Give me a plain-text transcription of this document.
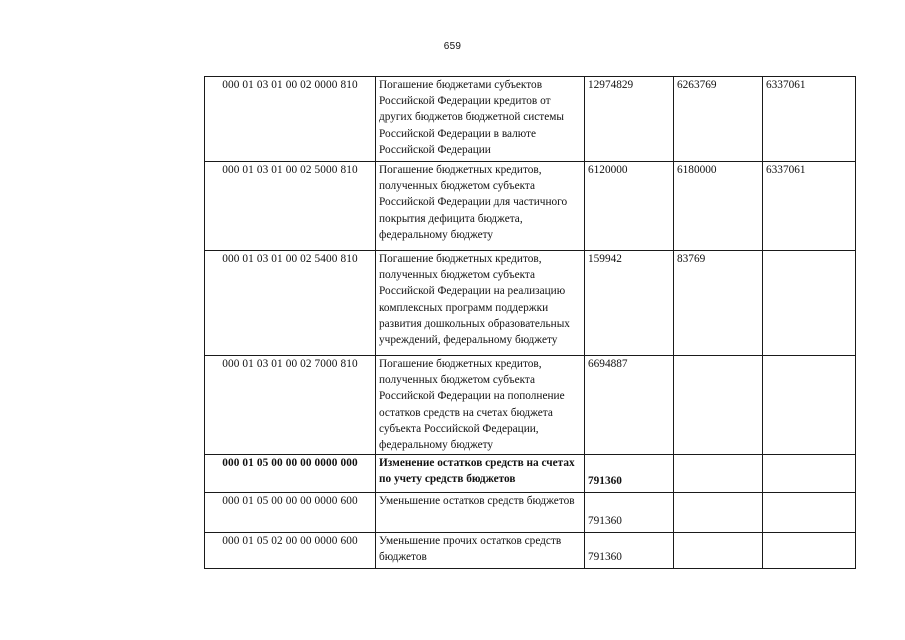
659
000 01 03 01 00 02 0000 810	Погашение бюджетами субъектов Российской Федерации кредитов от других бюджетов бюджетной системы Российской Федерации в валюте Российской Федерации	12974829	6263769	6337061
000 01 03 01 00 02 5000 810	Погашение бюджетных кредитов, полученных бюджетом субъекта Российской Федерации для частичного покрытия дефицита бюджета, федеральному бюджету	6120000	6180000	6337061
000 01 03 01 00 02 5400 810	Погашение бюджетных кредитов, полученных бюджетом субъекта Российской Федерации на реализацию комплексных программ поддержки развития дошкольных образовательных учреждений, федеральному бюджету	159942	83769	
000 01 03 01 00 02 7000 810	Погашение бюджетных кредитов, полученных бюджетом субъекта Российской Федерации на пополнение остатков средств на счетах бюджета субъекта Российской Федерации, федеральному бюджету	6694887		
000 01 05 00 00 00 0000 000	Изменение остатков средств на счетах по учету средств бюджетов	791360		
000 01 05 00 00 00 0000 600	Уменьшение остатков средств бюджетов	791360		
000 01 05 02 00 00 0000 600	Уменьшение прочих остатков средств бюджетов	791360		
